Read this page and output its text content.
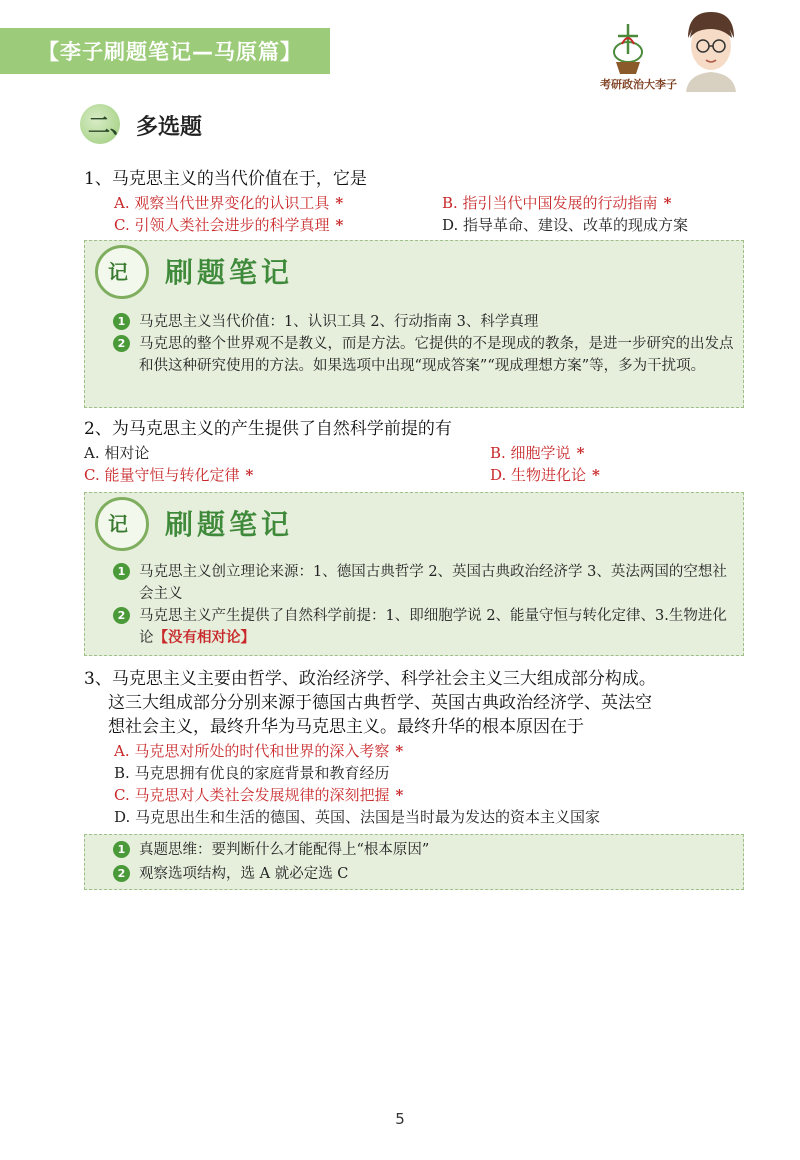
【李子刷题笔记—马原篇】
考研政治大李子
二、 多选题
1、马克思主义的当代价值在于，它是
A. 观察当代世界变化的认识工具 *	B. 指引当代中国发展的行动指南 *
C. 引领人类社会进步的科学真理 *	D. 指导革命、建设、改革的现成方案
记 刷题笔记
1 马克思主义当代价值：1、认识工具 2、行动指南 3、科学真理
2 马克思的整个世界观不是教义，而是方法。它提供的不是现成的教条，是进一步研究的出发点和供这种研究使用的方法。如果选项中出现“现成答案”“现成理想方案”等，多为干扰项。
2、为马克思主义的产生提供了自然科学前提的有
A. 相对论	B. 细胞学说 *
C. 能量守恒与转化定律 *	D. 生物进化论 *
记 刷题笔记
1 马克思主义创立理论来源：1、德国古典哲学 2、英国古典政治经济学 3、英法两国的空想社会主义
2 马克思主义产生提供了自然科学前提：1、即细胞学说 2、能量守恒与转化定律、3.生物进化论【没有相对论】
3、马克思主义主要由哲学、政治经济学、科学社会主义三大组成部分构成。
这三大组成部分分别来源于德国古典哲学、英国古典政治经济学、英法空
想社会主义，最终升华为马克思主义。最终升华的根本原因在于
A. 马克思对所处的时代和世界的深入考察 *
B. 马克思拥有优良的家庭背景和教育经历
C. 马克思对人类社会发展规律的深刻把握 *
D. 马克思出生和生活的德国、英国、法国是当时最为发达的资本主义国家
1 真题思维：要判断什么才能配得上“根本原因”
2 观察选项结构，选 A 就必定选 C
5
